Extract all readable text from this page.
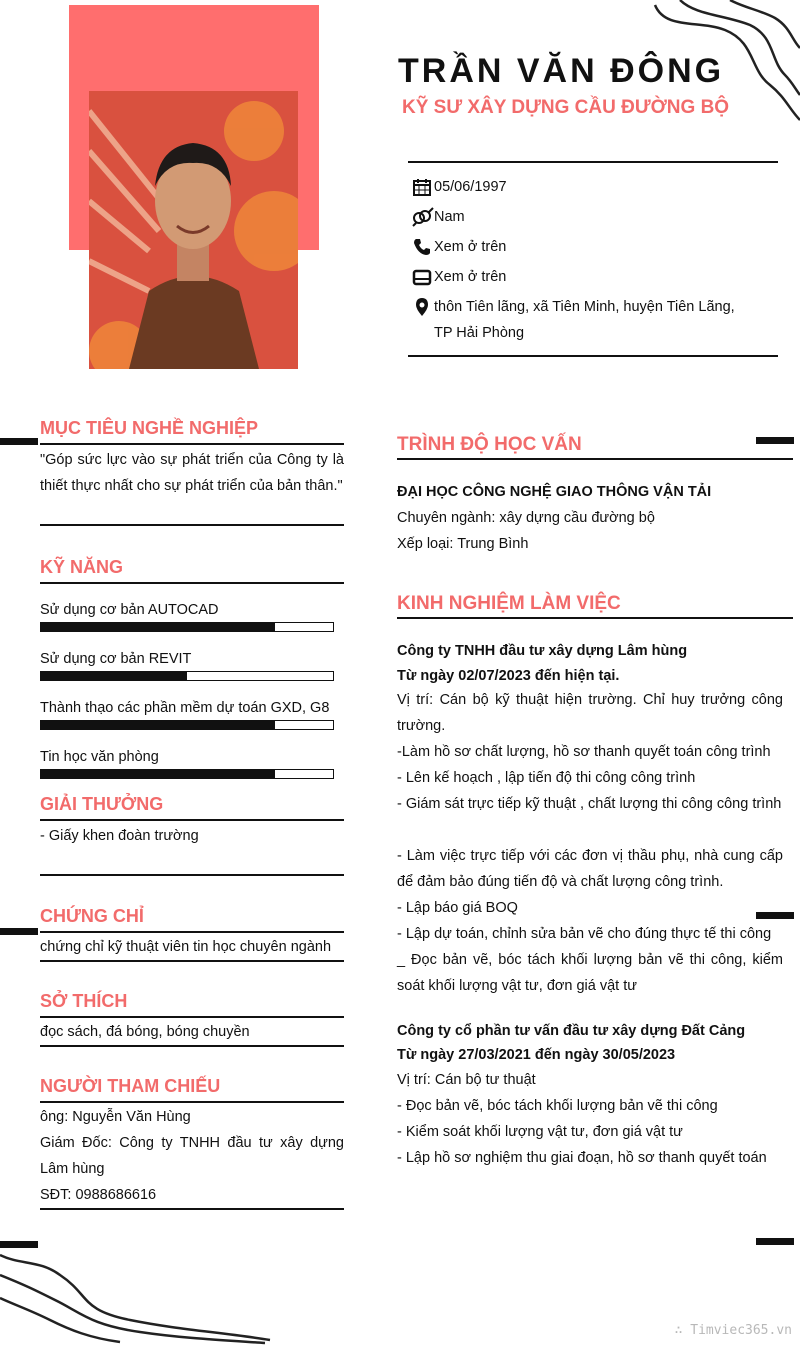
TRẦN VĂN ĐÔNG
KỸ SƯ XÂY DỰNG CẦU ĐƯỜNG BỘ
05/06/1997
Nam
Xem ở trên
Xem ở trên
thôn Tiên lãng, xã Tiên Minh, huyện Tiên Lãng,
TP Hải Phòng
MỤC TIÊU NGHỀ NGHIỆP
"Góp sức lực vào sự phát triển của Công ty là thiết thực nhất cho sự phát triển của bản thân."
KỸ NĂNG
Sử dụng cơ bản AUTOCAD
Sử dụng cơ bản REVIT
Thành thạo các phần mềm dự toán GXD, G8
Tin học văn phòng
GIẢI THƯỞNG
- Giấy khen đoàn trường
CHỨNG CHỈ
chứng chỉ kỹ thuật viên tin học chuyên ngành
SỞ THÍCH
đọc sách, đá bóng, bóng chuyền
NGƯỜI THAM CHIẾU
ông: Nguyễn Văn Hùng
Giám Đốc: Công ty TNHH đầu tư xây dựng Lâm hùng
SĐT: 0988686616
TRÌNH ĐỘ HỌC VẤN
ĐẠI HỌC CÔNG NGHỆ GIAO THÔNG VẬN TẢI
Chuyên ngành: xây dựng cầu đường bộ
Xếp loại: Trung Bình
KINH NGHIỆM LÀM VIỆC
Công ty TNHH đầu tư xây dựng Lâm hùng
Từ ngày 02/07/2023 đến hiện tại.
Vị trí: Cán bộ kỹ thuật hiện trường. Chỉ huy trưởng công trường.
-Làm hồ sơ chất lượng, hồ sơ thanh quyết toán công trình
- Lên kế hoạch , lập tiến độ thi công công trình
- Giám sát trực tiếp kỹ thuật , chất lượng thi công công trình
- Làm việc trực tiếp với các đơn vị thầu phụ, nhà cung cấp để đảm bảo đúng tiến độ và chất lượng công trình.
- Lập báo giá BOQ
- Lập dự toán, chỉnh sửa bản vẽ cho đúng thực tế thi công
_ Đọc bản vẽ, bóc tách khối lượng bản vẽ thi công, kiểm soát khối lượng vật tư, đơn giá vật tư
Công ty cổ phần tư vấn đầu tư xây dựng Đất Cảng
Từ ngày 27/03/2021 đến ngày 30/05/2023
Vị trí: Cán bộ tư thuật
- Đọc bản vẽ, bóc tách khối lượng bản vẽ thi công
- Kiểm soát khối lượng vật tư, đơn giá vật tư
- Lập hồ sơ nghiệm thu giai đoạn, hồ sơ thanh quyết toán
∴ Timviec365.vn
